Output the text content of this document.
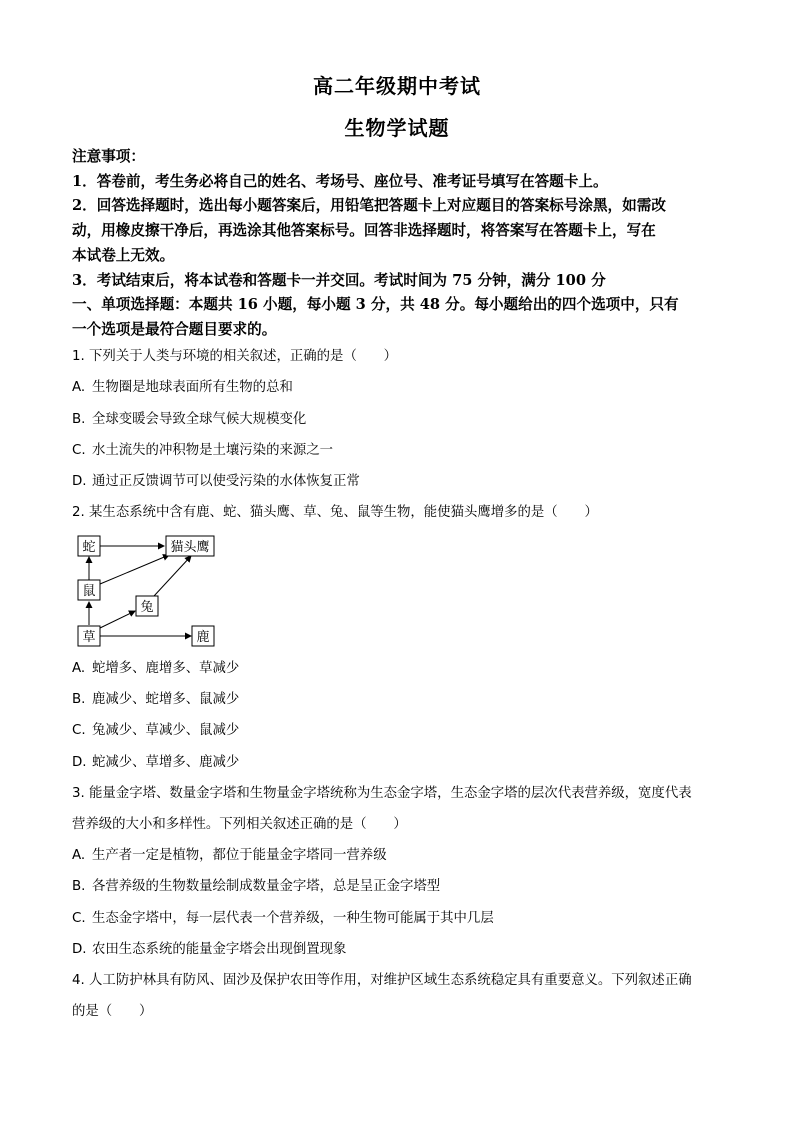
高二年级期中考试
生物学试题
注意事项：
1．答卷前，考生务必将自己的姓名、考场号、座位号、准考证号填写在答题卡上。
2．回答选择题时，选出每小题答案后，用铅笔把答题卡上对应题目的答案标号涂黑，如需改
动，用橡皮擦干净后，再选涂其他答案标号。回答非选择题时，将答案写在答题卡上，写在
本试卷上无效。
3．考试结束后，将本试卷和答题卡一并交回。考试时间为 75 分钟，满分 100 分
一、单项选择题：本题共 16 小题，每小题 3 分，共 48 分。每小题给出的四个选项中，只有
一个选项是最符合题目要求的。
1. 下列关于人类与环境的相关叙述，正确的是（　　）
A. 生物圈是地球表面所有生物的总和
B. 全球变暖会导致全球气候大规模变化
C. 水土流失的冲积物是土壤污染的来源之一
D. 通过正反馈调节可以使受污染的水体恢复正常
2. 某生态系统中含有鹿、蛇、猫头鹰、草、兔、鼠等生物，能使猫头鹰增多的是（　　）
蛇	猫头鹰
鼠
兔
草	鹿
A. 蛇增多、鹿增多、草减少
B. 鹿减少、蛇增多、鼠减少
C. 兔减少、草减少、鼠减少
D. 蛇减少、草增多、鹿减少
3. 能量金字塔、数量金字塔和生物量金字塔统称为生态金字塔，生态金字塔的层次代表营养级，宽度代表
营养级的大小和多样性。下列相关叙述正确的是（　　）
A. 生产者一定是植物，都位于能量金字塔同一营养级
B. 各营养级的生物数量绘制成数量金字塔，总是呈正金字塔型
C. 生态金字塔中，每一层代表一个营养级，一种生物可能属于其中几层
D. 农田生态系统的能量金字塔会出现倒置现象
4. 人工防护林具有防风、固沙及保护农田等作用，对维护区域生态系统稳定具有重要意义。下列叙述正确
的是（　　）
